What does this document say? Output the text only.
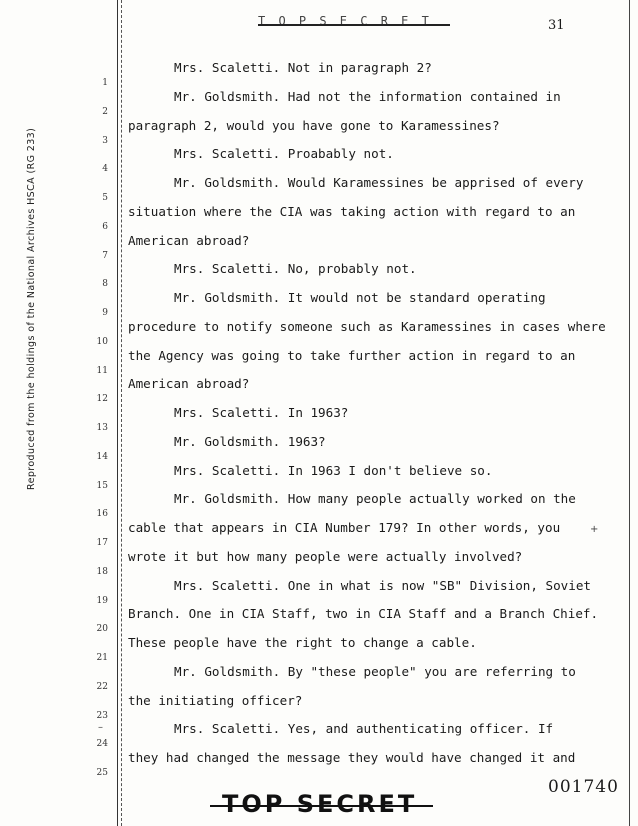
T O P S E C R E T	31
Reproduced from the holdings of the National Archives HSCA (RG 233)
1
2
3
4
5
6
7
8
9
10
11
12
13
14
15
16
17
18
19
20
21
22
23
24
25
Mrs. Scaletti. Not in paragraph 2?
Mr. Goldsmith. Had not the information contained in
paragraph 2, would you have gone to Karamessines?
Mrs. Scaletti. Proabably not.
Mr. Goldsmith. Would Karamessines be apprised of every
situation where the CIA was taking action with regard to an
American abroad?
Mrs. Scaletti. No, probably not.
Mr. Goldsmith. It would not be standard operating
procedure to notify someone such as Karamessines in cases where
the Agency was going to take further action in regard to an
American abroad?
Mrs. Scaletti. In 1963?
Mr. Goldsmith. 1963?
Mrs. Scaletti. In 1963 I don't believe so.
Mr. Goldsmith. How many people actually worked on the
cable that appears in CIA Number 179? In other words, you
wrote it but how many people were actually involved?
Mrs. Scaletti. One in what is now "SB" Division, Soviet
Branch. One in CIA Staff, two in CIA Staff and a Branch Chief.
These people have the right to change a cable.
Mr. Goldsmith. By "these people" you are referring to
the initiating officer?
Mrs. Scaletti. Yes, and authenticating officer. If
they had changed the message they would have changed it and
+
–
001740
TOP SECRET
